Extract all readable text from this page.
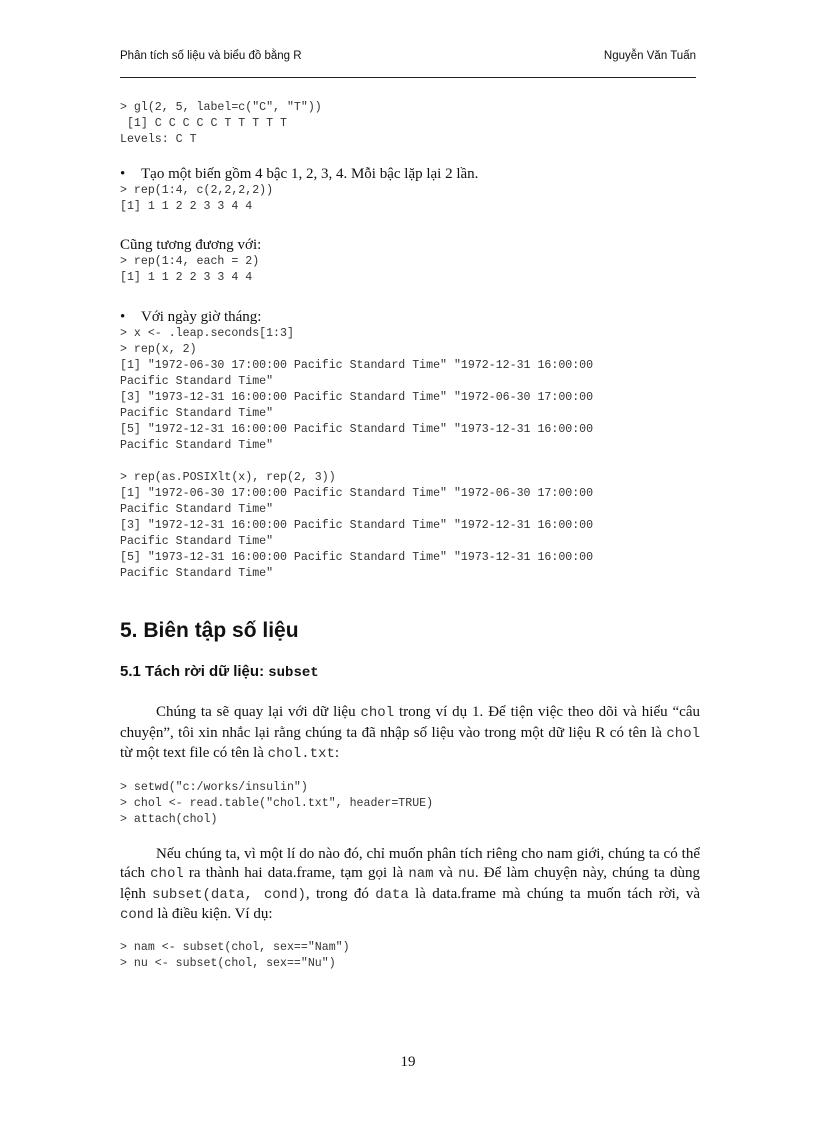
Phân tích số liệu và biểu đồ bằng R	Nguyễn Văn Tuấn
> gl(2, 5, label=c("C", "T"))
[1] C C C C C T T T T T
Levels: C T

• Tạo một biến gồm 4 bậc 1, 2, 3, 4. Mỗi bậc lặp lại 2 lần.

> rep(1:4, c(2,2,2,2))
[1] 1 1 2 2 3 3 4 4

Cũng tương đương với:

> rep(1:4, each = 2)
[1] 1 1 2 2 3 3 4 4

• Với ngày giờ tháng:

> x <- .leap.seconds[1:3]
> rep(x, 2)
[1] "1972-06-30 17:00:00 Pacific Standard Time" "1972-12-31 16:00:00
Pacific Standard Time"
[3] "1973-12-31 16:00:00 Pacific Standard Time" "1972-06-30 17:00:00
Pacific Standard Time"
[5] "1972-12-31 16:00:00 Pacific Standard Time" "1973-12-31 16:00:00
Pacific Standard Time"
> rep(as.POSIXlt(x), rep(2, 3))
[1] "1972-06-30 17:00:00 Pacific Standard Time" "1972-06-30 17:00:00
Pacific Standard Time"
[3] "1972-12-31 16:00:00 Pacific Standard Time" "1972-12-31 16:00:00
Pacific Standard Time"
[5] "1973-12-31 16:00:00 Pacific Standard Time" "1973-12-31 16:00:00
Pacific Standard Time"
5. Biên tập số liệu
5.1 Tách rời dữ liệu: subset

Chúng ta sẽ quay lại với dữ liệu chol trong ví dụ 1. Để tiện việc theo dõi và hiểu “câu chuyện”, tôi xin nhắc lại rằng chúng ta đã nhập số liệu vào trong một dữ liệu R có tên là chol từ một text file có tên là chol.txt:

> setwd("c:/works/insulin")
> chol <- read.table("chol.txt", header=TRUE)
> attach(chol)

Nếu chúng ta, vì một lí do nào đó, chỉ muốn phân tích riêng cho nam giới, chúng ta có thể tách chol ra thành hai data.frame, tạm gọi là nam và nu. Để làm chuyện này, chúng ta dùng lệnh subset(data, cond), trong đó data là data.frame mà chúng ta muốn tách rời, và cond là điều kiện. Ví dụ:

> nam <- subset(chol, sex=="Nam")
> nu <- subset(chol, sex=="Nu")
19
